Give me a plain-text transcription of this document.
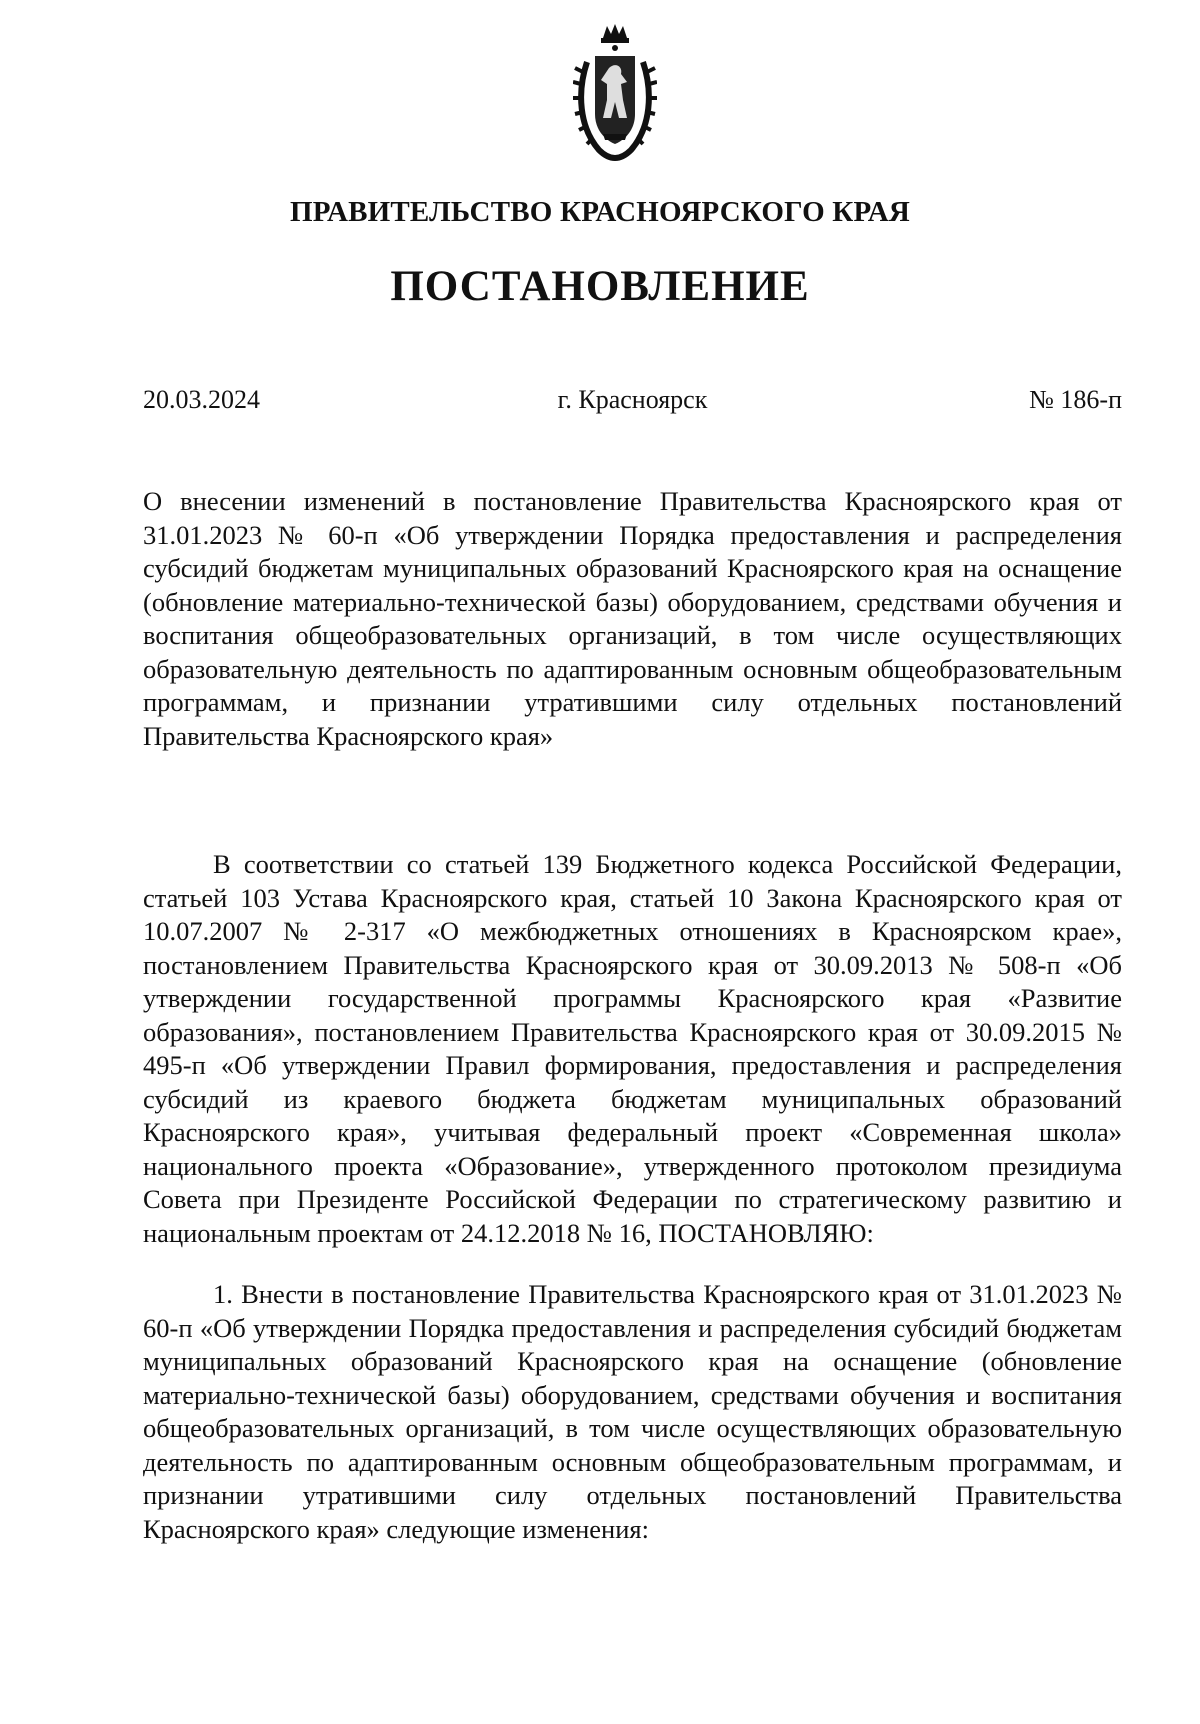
ПРАВИТЕЛЬСТВО КРАСНОЯРСКОГО КРАЯ
ПОСТАНОВЛЕНИЕ
20.03.2024	г. Красноярск	№ 186-п
О внесении изменений в постановление Правительства Красноярского края от 31.01.2023 № 60-п «Об утверждении Порядка предоставления и распределения субсидий бюджетам муниципальных образований Красноярского края на оснащение (обновление материально-технической базы) оборудованием, средствами обучения и воспитания общеобразовательных организаций, в том числе осуществляющих образовательную деятельность по адаптированным основным общеобразовательным программам, и признании утратившими силу отдельных постановлений Правительства Красноярского края»
В соответствии со статьей 139 Бюджетного кодекса Российской Федерации, статьей 103 Устава Красноярского края, статьей 10 Закона Красноярского края от 10.07.2007 № 2-317 «О межбюджетных отношениях в Красноярском крае», постановлением Правительства Красноярского края от 30.09.2013 № 508-п «Об утверждении государственной программы Красноярского края «Развитие образования», постановлением Правительства Красноярского края от 30.09.2015 № 495-п «Об утверждении Правил формирования, предоставления и распределения субсидий из краевого бюджета бюджетам муниципальных образований Красноярского края», учитывая федеральный проект «Современная школа» национального проекта «Образование», утвержденного протоколом президиума Совета при Президенте Российской Федерации по стратегическому развитию и национальным проектам от 24.12.2018 № 16, ПОСТАНОВЛЯЮ:
1. Внести в постановление Правительства Красноярского края от 31.01.2023 № 60-п «Об утверждении Порядка предоставления и распределения субсидий бюджетам муниципальных образований Красноярского края на оснащение (обновление материально-технической базы) оборудованием, средствами обучения и воспитания общеобразовательных организаций, в том числе осуществляющих образовательную деятельность по адаптированным основным общеобразовательным программам, и признании утратившими силу отдельных постановлений Правительства Красноярского края» следующие изменения:
